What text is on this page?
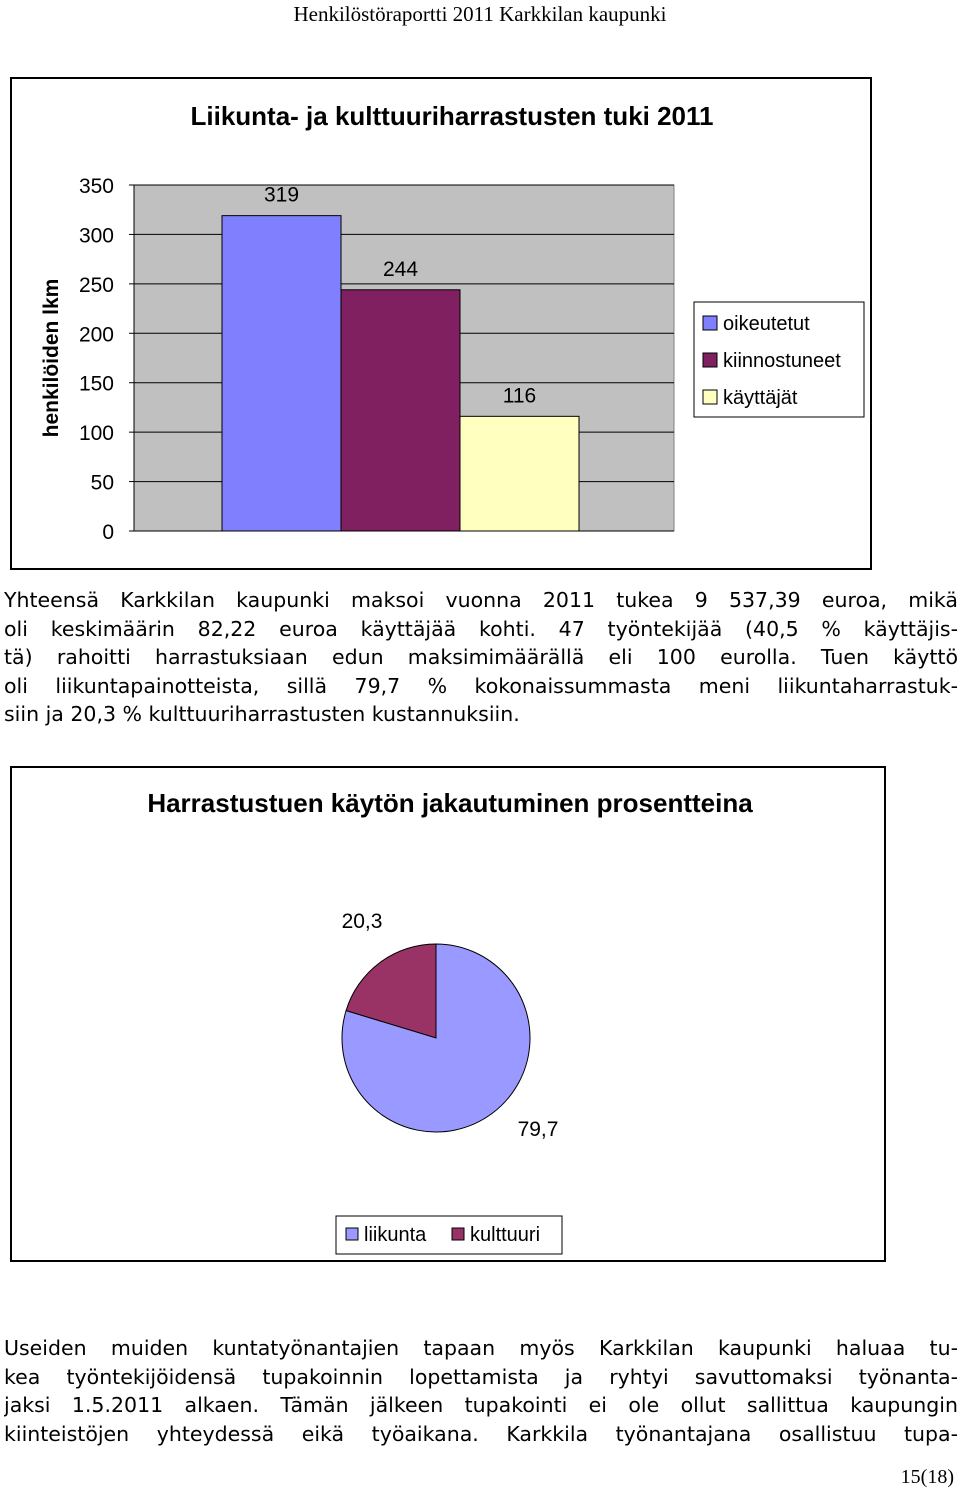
Henkilöstöraportti 2011 Karkkilan kaupunki
Liikunta- ja kulttuuriharrastusten tuki 2011
0
50
100
150
200
250
300
350	319
244
116
henkilöiden lkm	oikeutetut
kiinnostuneet
käyttäjät
Yhteensä Karkkilan kaupunki maksoi vuonna 2011 tukea 9 537,39 euroa, mikä
oli keskimäärin 82,22 euroa käyttäjää kohti. 47 työntekijää (40,5 % käyttäjis-
tä) rahoitti harrastuksiaan edun maksimimäärällä eli 100 eurolla. Tuen käyttö
oli liikuntapainotteista, sillä 79,7 % kokonaissummasta meni liikuntaharrastuk-
siin ja 20,3 % kulttuuriharrastusten kustannuksiin.
Harrastustuen käytön jakautuminen prosentteina
20,3
79,7
liikunta kulttuuri
Useiden muiden kuntatyönantajien tapaan myös Karkkilan kaupunki haluaa tu-
kea työntekijöidensä tupakoinnin lopettamista ja ryhtyi savuttomaksi työnanta-
jaksi 1.5.2011 alkaen. Tämän jälkeen tupakointi ei ole ollut sallittua kaupungin
kiinteistöjen yhteydessä eikä työaikana. Karkkila työnantajana osallistuu tupa-
15(18)
